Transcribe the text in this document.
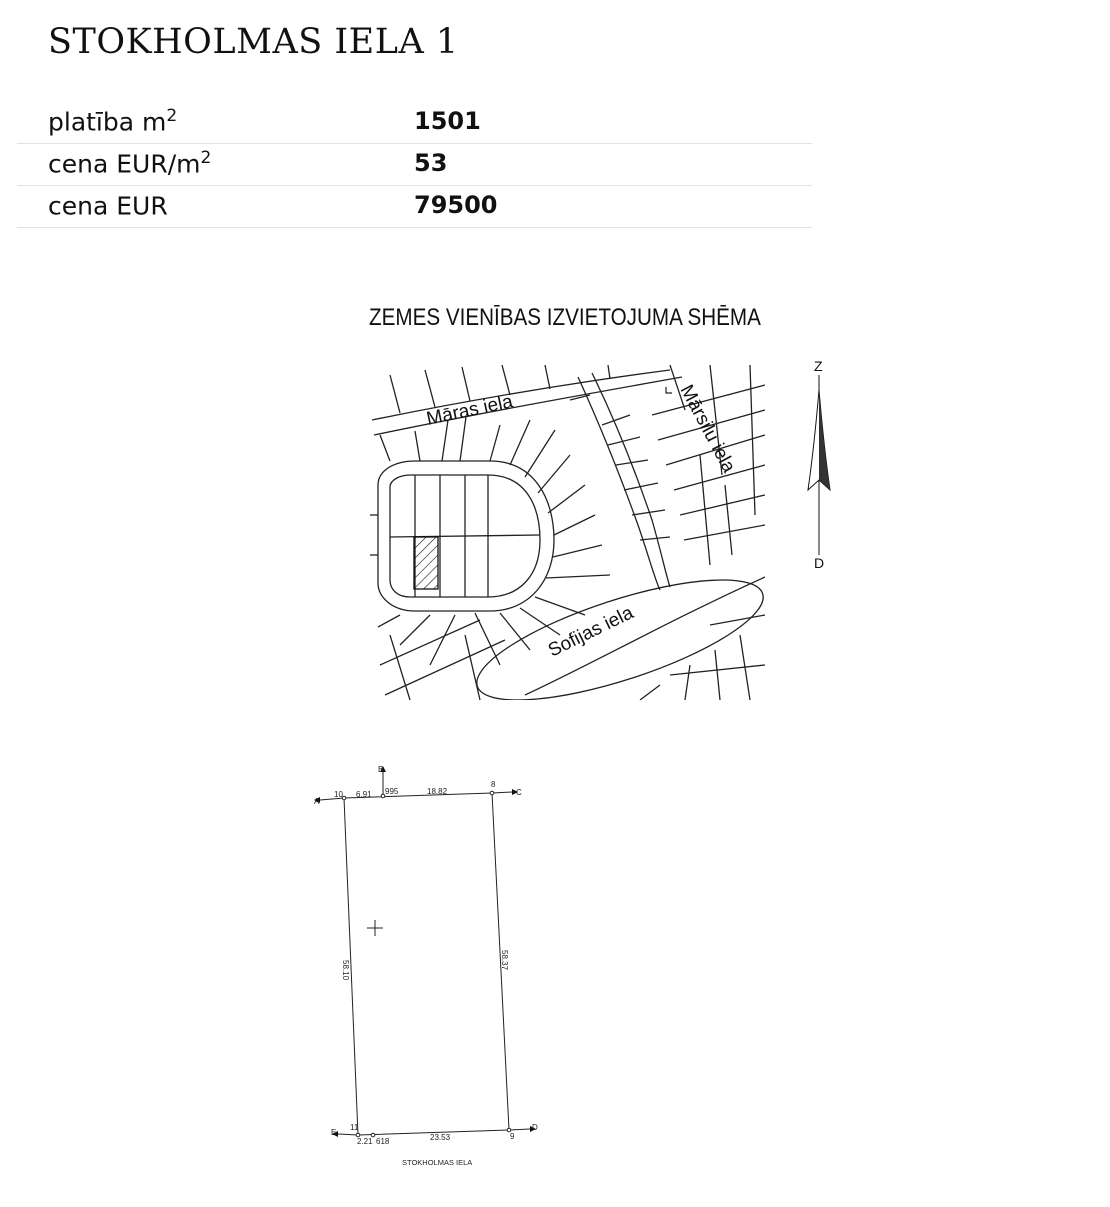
STOKHOLMAS IELA 1
platība $m^2$	1501
cena EUR/$m^2$	53
cena EUR	79500
ZEMES VIENĪBAS IZVIETOJUMA SHĒMA
Māras iela	Mārsilu iela
Sofijas iela
Z
D
A
10 6.91
B
995	18.82
8
C
58.10	58.37
E
11
2.21 618	23.53	9
D
STOKHOLMAS IELA
